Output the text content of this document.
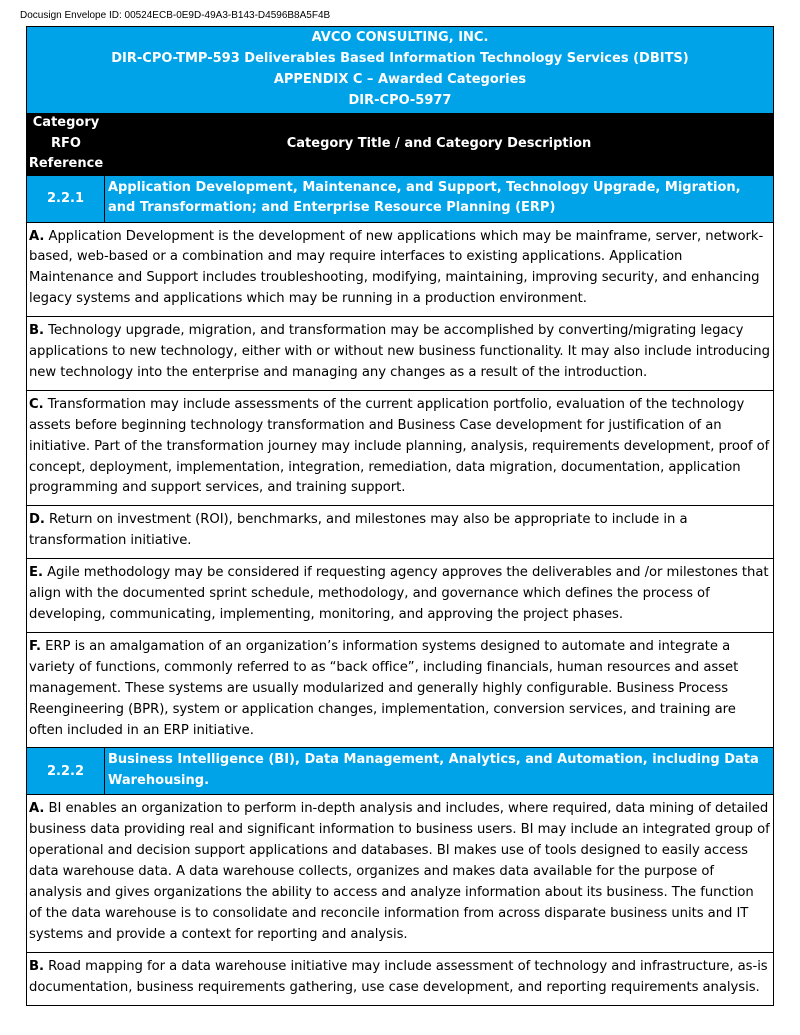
Docusign Envelope ID: 00524ECB-0E9D-49A3-B143-D4596B8A5F4B
AVCO CONSULTING, INC.
DIR-CPO-TMP-593 Deliverables Based Information Technology Services (DBITS)
APPENDIX C – Awarded Categories
DIR-CPO-5977
Category
RFO
Reference
Category Title / and Category Description
2.2.1
Application Development, Maintenance, and Support, Technology Upgrade, Migration, and Transformation; and Enterprise Resource Planning (ERP)
A. Application Development is the development of new applications which may be mainframe, server, network-based, web-based or a combination and may require interfaces to existing applications. Application Maintenance and Support includes troubleshooting, modifying, maintaining, improving security, and enhancing legacy systems and applications which may be running in a production environment.
B. Technology upgrade, migration, and transformation may be accomplished by converting/migrating legacy applications to new technology, either with or without new business functionality. It may also include introducing new technology into the enterprise and managing any changes as a result of the introduction.
C. Transformation may include assessments of the current application portfolio, evaluation of the technology assets before beginning technology transformation and Business Case development for justification of an initiative. Part of the transformation journey may include planning, analysis, requirements development, proof of concept, deployment, implementation, integration, remediation, data migration, documentation, application programming and support services, and training support.
D. Return on investment (ROI), benchmarks, and milestones may also be appropriate to include in a transformation initiative.
E. Agile methodology may be considered if requesting agency approves the deliverables and /or milestones that align with the documented sprint schedule, methodology, and governance which defines the process of developing, communicating, implementing, monitoring, and approving the project phases.
F. ERP is an amalgamation of an organization’s information systems designed to automate and integrate a variety of functions, commonly referred to as “back office”, including financials, human resources and asset management. These systems are usually modularized and generally highly configurable. Business Process Reengineering (BPR), system or application changes, implementation, conversion services, and training are often included in an ERP initiative.
2.2.2
Business Intelligence (BI), Data Management, Analytics, and Automation, including Data Warehousing.
A. BI enables an organization to perform in-depth analysis and includes, where required, data mining of detailed business data providing real and significant information to business users. BI may include an integrated group of operational and decision support applications and databases. BI makes use of tools designed to easily access data warehouse data. A data warehouse collects, organizes and makes data available for the purpose of analysis and gives organizations the ability to access and analyze information about its business. The function of the data warehouse is to consolidate and reconcile information from across disparate business units and IT systems and provide a context for reporting and analysis.
B. Road mapping for a data warehouse initiative may include assessment of technology and infrastructure, as-is documentation, business requirements gathering, use case development, and reporting requirements analysis.
